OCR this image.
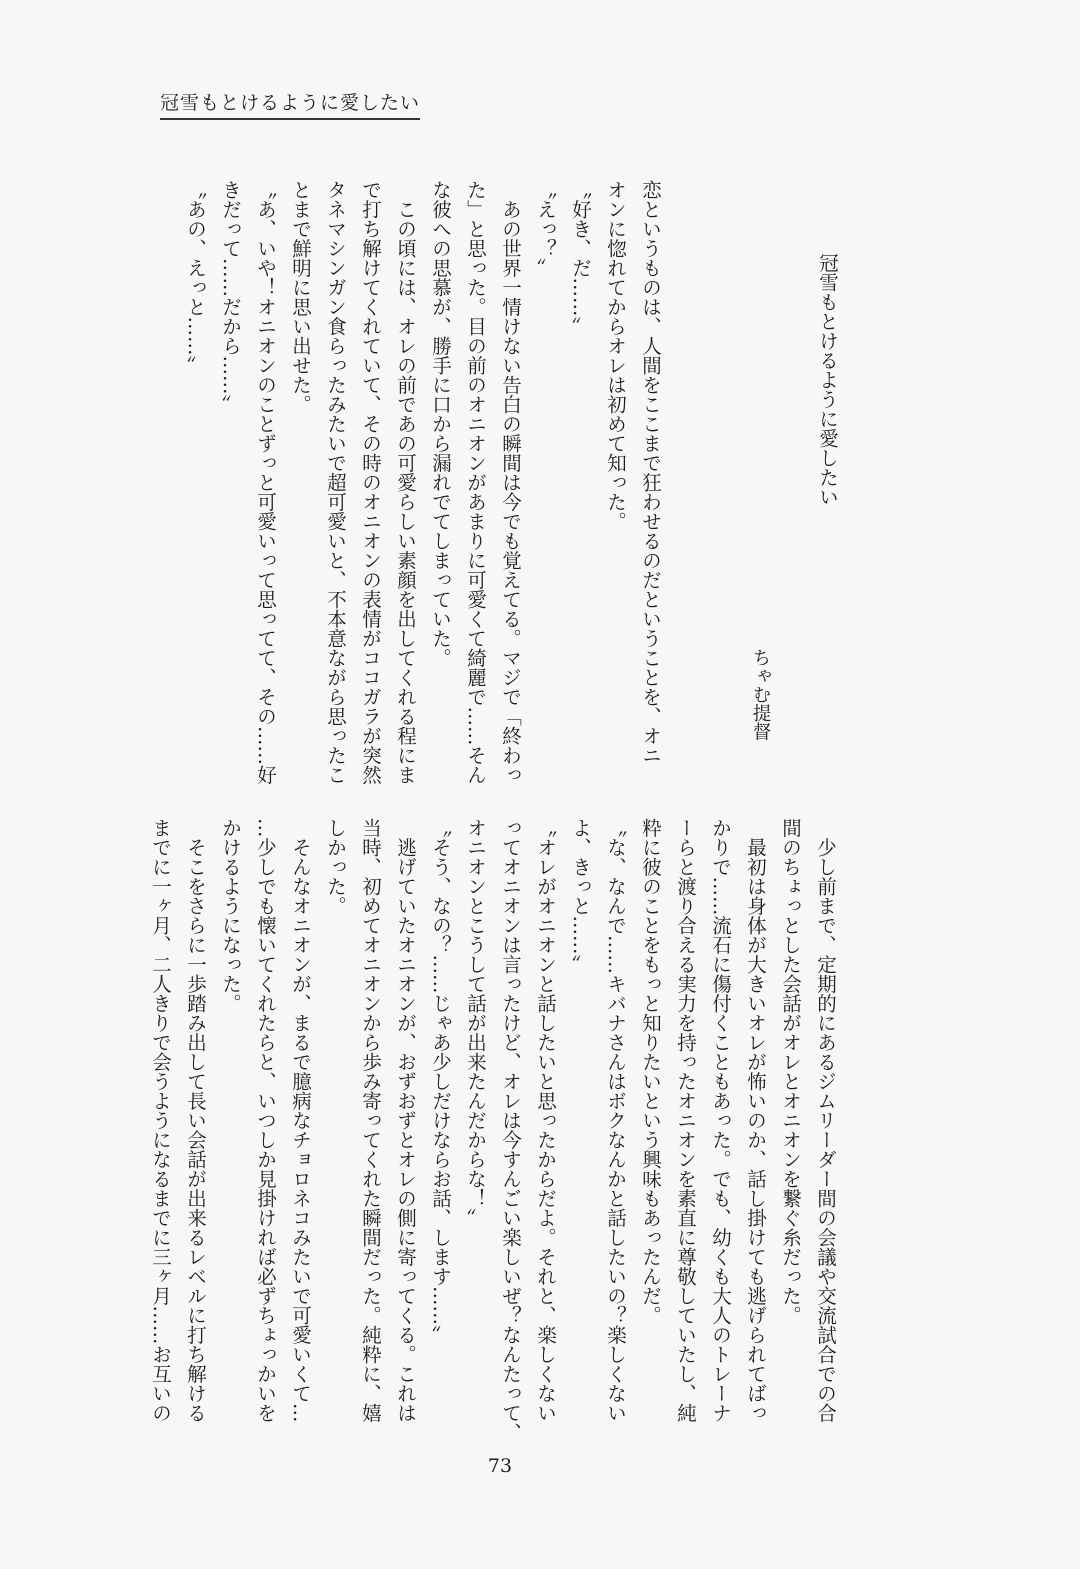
冠雪もとけるように愛したい
冠雪もとけるように愛したい
ちゃむ提督

恋というものは、人間をここまで狂わせるのだということを、オニ

オンに惚れてからオレは初めて知った。

〝好き、だ……〟

〝えっ？〟

　あの世界一情けない告白の瞬間は今でも覚えてる。マジで「終わっ

た」と思った。目の前のオニオンがあまりに可愛くて綺麗で……そん

な彼への思慕が、勝手に口から漏れでてしまっていた。

　この頃には、オレの前であの可愛らしい素顔を出してくれる程にま

で打ち解けてくれていて、その時のオニオンの表情がココガラが突然

タネマシンガン食らったみたいで超可愛いと、不本意ながら思ったこ

とまで鮮明に思い出せた。

〝あ、いや！オニオンのことずっと可愛いって思ってて、その……好

きだって……だから……〟

〝あの、えっと……〟

　少し前まで、定期的にあるジムリーダー間の会議や交流試合での合

間のちょっとした会話がオレとオニオンを繋ぐ糸だった。

　最初は身体が大きいオレが怖いのか、話し掛けても逃げられてばっ

かりで……流石に傷付くこともあった。でも、幼くも大人のトレーナ

ーらと渡り合える実力を持ったオニオンを素直に尊敬していたし、純

粋に彼のことをもっと知りたいという興味もあったんだ。

〝な、なんで……キバナさんはボクなんかと話したいの？楽しくない

よ、きっと……〟

〝オレがオニオンと話したいと思ったからだよ。それと、楽しくない

ってオニオンは言ったけど、オレは今すんごい楽しいぜ？なんたって、

オニオンとこうして話が出来たんだからな！〟

〝そう、なの？……じゃあ少しだけならお話、します……〟

　逃げていたオニオンが、おずおずとオレの側に寄ってくる。これは

当時、初めてオニオンから歩み寄ってくれた瞬間だった。純粋に、嬉

しかった。

　そんなオニオンが、まるで臆病なチョロネコみたいで可愛いくて…

…少しでも懐いてくれたらと、いつしか見掛ければ必ずちょっかいを

かけるようになった。

　そこをさらに一歩踏み出して長い会話が出来るレベルに打ち解ける

までに一ヶ月、二人きりで会うようになるまでに三ヶ月……お互いの

73
